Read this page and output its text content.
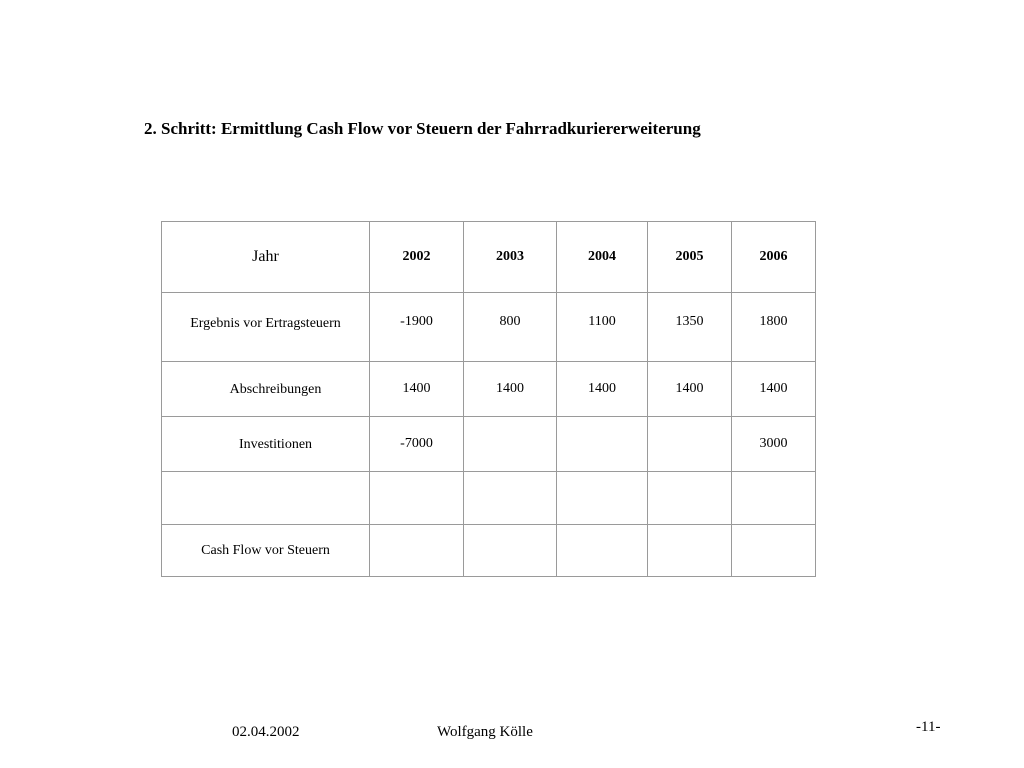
2. Schritt: Ermittlung Cash Flow vor Steuern der Fahrradkuriererweiterung
Jahr	2002	2003	2004	2005	2006
Ergebnis vor Ertragsteuern	-1900	800	1100	1350	1800
Abschreibungen	1400	1400	1400	1400	1400
Investitionen	-7000				3000

Cash Flow vor Steuern					
02.04.2002	Wolfgang Kölle	-11-
